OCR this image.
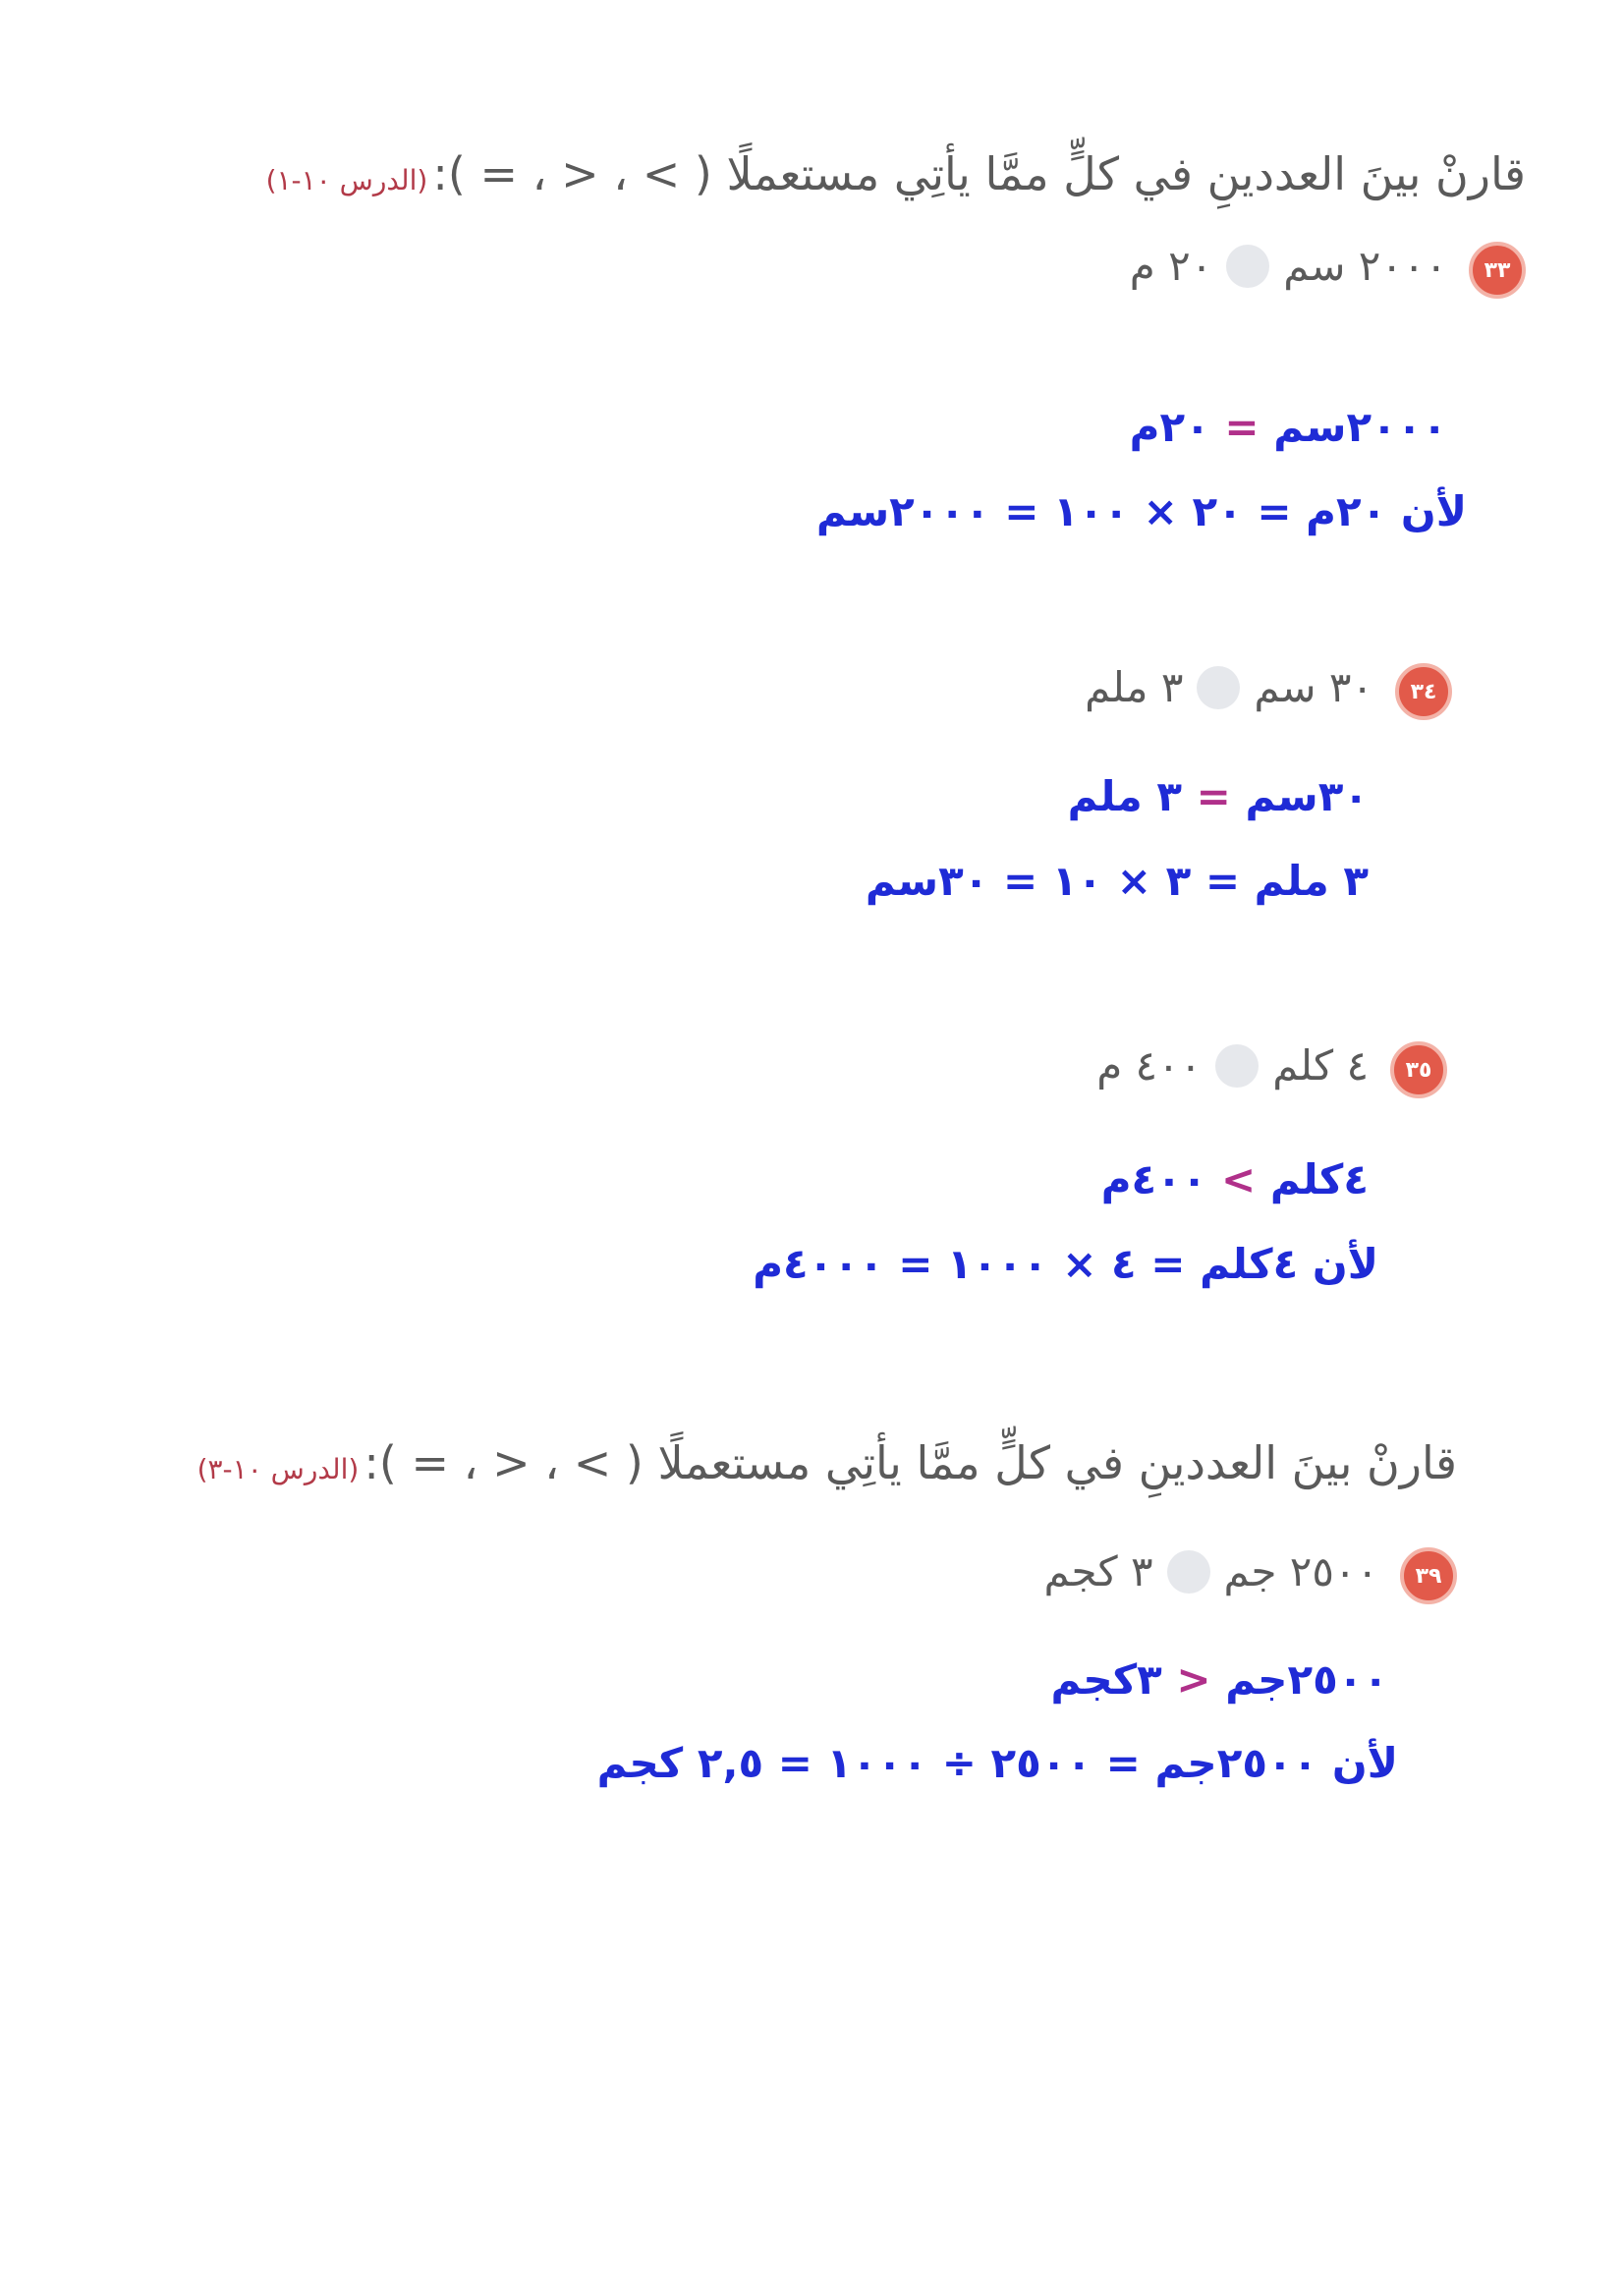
قارنْ بينَ العددينِ في كلٍّ ممَّا يأتِي مستعملًا ( > ، < ، = ): (الدرس ١٠-١)
٣٣
٢٠٠٠ سم
٢٠ م
٢٠٠٠سم = ٢٠م
لأن ٢٠م = ٢٠ × ١٠٠ = ٢٠٠٠سم
٣٤
٣٠ سم
٣ ملم
٣٠سم = ٣ ملم
٣ ملم = ٣ × ١٠ = ٣٠سم
٣٥
٤ كلم
٤٠٠ م
٤كلم > ٤٠٠م
لأن ٤كلم = ٤ × ١٠٠٠ = ٤٠٠٠م
قارنْ بينَ العددينِ في كلٍّ ممَّا يأتِي مستعملًا ( > ، < ، = ): (الدرس ١٠-٣)
٣٩
٢٥٠٠ جم
٣ كجم
٢٥٠٠جم < ٣كجم
لأن ٢٥٠٠جم = ٢٥٠٠ ÷ ١٠٠٠ = ٢,٥ كجم
